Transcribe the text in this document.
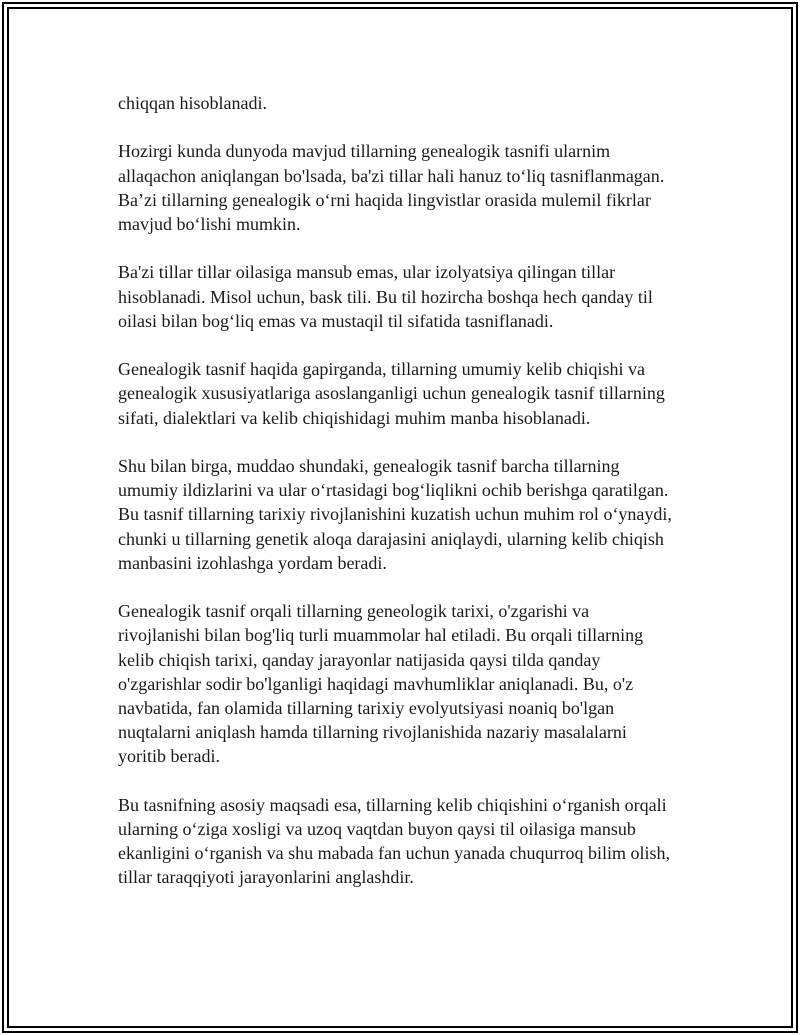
chiqqan hisoblanadi.

Hozirgi kunda dunyoda mavjud tillarning genealogik tasnifi ularnim
allaqachon aniqlangan bo'lsada, ba'zi tillar hali hanuz to‘liq tasniflanmagan.
Ba’zi tillarning genealogik o‘rni haqida lingvistlar orasida mulemil fikrlar
mavjud bo‘lishi mumkin.

Ba'zi tillar tillar oilasiga mansub emas, ular izolyatsiya qilingan tillar
hisoblanadi. Misol uchun, bask tili. Bu til hozircha boshqa hech qanday til
oilasi bilan bog‘liq emas va mustaqil til sifatida tasniflanadi.

Genealogik tasnif haqida gapirganda, tillarning umumiy kelib chiqishi va
genealogik xususiyatlariga asoslanganligi uchun genealogik tasnif tillarning
sifati, dialektlari va kelib chiqishidagi muhim manba hisoblanadi.

Shu bilan birga, muddao shundaki, genealogik tasnif barcha tillarning
umumiy ildizlarini va ular o‘rtasidagi bog‘liqlikni ochib berishga qaratilgan.
Bu tasnif tillarning tarixiy rivojlanishini kuzatish uchun muhim rol o‘ynaydi,
chunki u tillarning genetik aloqa darajasini aniqlaydi, ularning kelib chiqish
manbasini izohlashga yordam beradi.

Genealogik tasnif orqali tillarning geneologik tarixi, o'zgarishi va
rivojlanishi bilan bog'liq turli muammolar hal etiladi. Bu orqali tillarning
kelib chiqish tarixi, qanday jarayonlar natijasida qaysi tilda qanday
o'zgarishlar sodir bo'lganligi haqidagi mavhumliklar aniqlanadi. Bu, o'z
navbatida, fan olamida tillarning tarixiy evolyutsiyasi noaniq bo'lgan
nuqtalarni aniqlash hamda tillarning rivojlanishida nazariy masalalarni
yoritib beradi.

Bu tasnifning asosiy maqsadi esa, tillarning kelib chiqishini o‘rganish orqali
ularning o‘ziga xosligi va uzoq vaqtdan buyon qaysi til oilasiga mansub
ekanligini o‘rganish va shu mabada fan uchun yanada chuqurroq bilim olish,
tillar taraqqiyoti jarayonlarini anglashdir.
